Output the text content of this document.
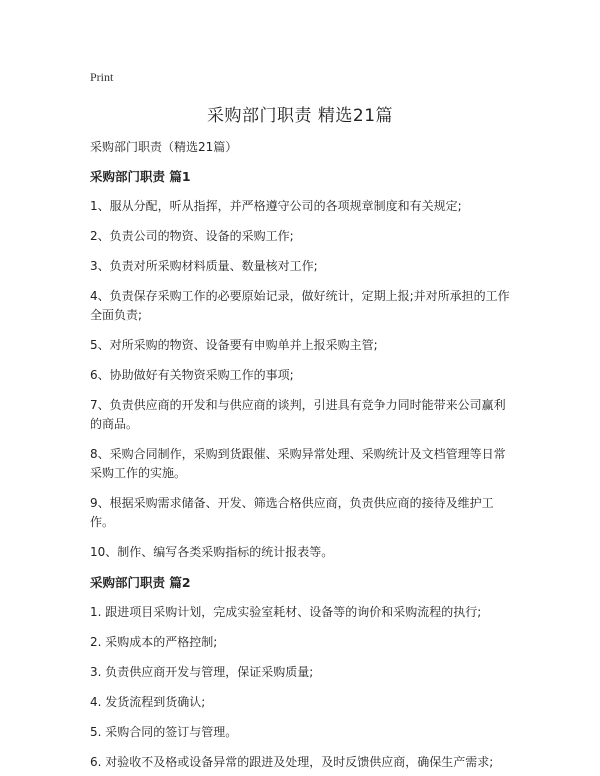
Print
采购部门职责 精选21篇
采购部门职责（精选21篇）
采购部门职责 篇1

1、服从分配，听从指挥，并严格遵守公司的各项规章制度和有关规定;

2、负责公司的物资、设备的采购工作;

3、负责对所采购材料质量、数量核对工作;

4、负责保存采购工作的必要原始记录，做好统计，定期上报;并对所承担的工作全面负责;

5、对所采购的物资、设备要有申购单并上报采购主管;

6、协助做好有关物资采购工作的事项;

7、负责供应商的开发和与供应商的谈判，引进具有竞争力同时能带来公司赢利的商品。

8、采购合同制作，采购到货跟催、采购异常处理、采购统计及文档管理等日常采购工作的实施。

9、根据采购需求储备、开发、筛选合格供应商，负责供应商的接待及维护工作。

10、制作、编写各类采购指标的统计报表等。

采购部门职责 篇2

1. 跟进项目采购计划，完成实验室耗材、设备等的询价和采购流程的执行;

2. 采购成本的严格控制;

3. 负责供应商开发与管理，保证采购质量;

4. 发货流程到货确认;

5. 采购合同的签订与管理。

6. 对验收不及格或设备异常的跟进及处理，及时反馈供应商，确保生产需求;
